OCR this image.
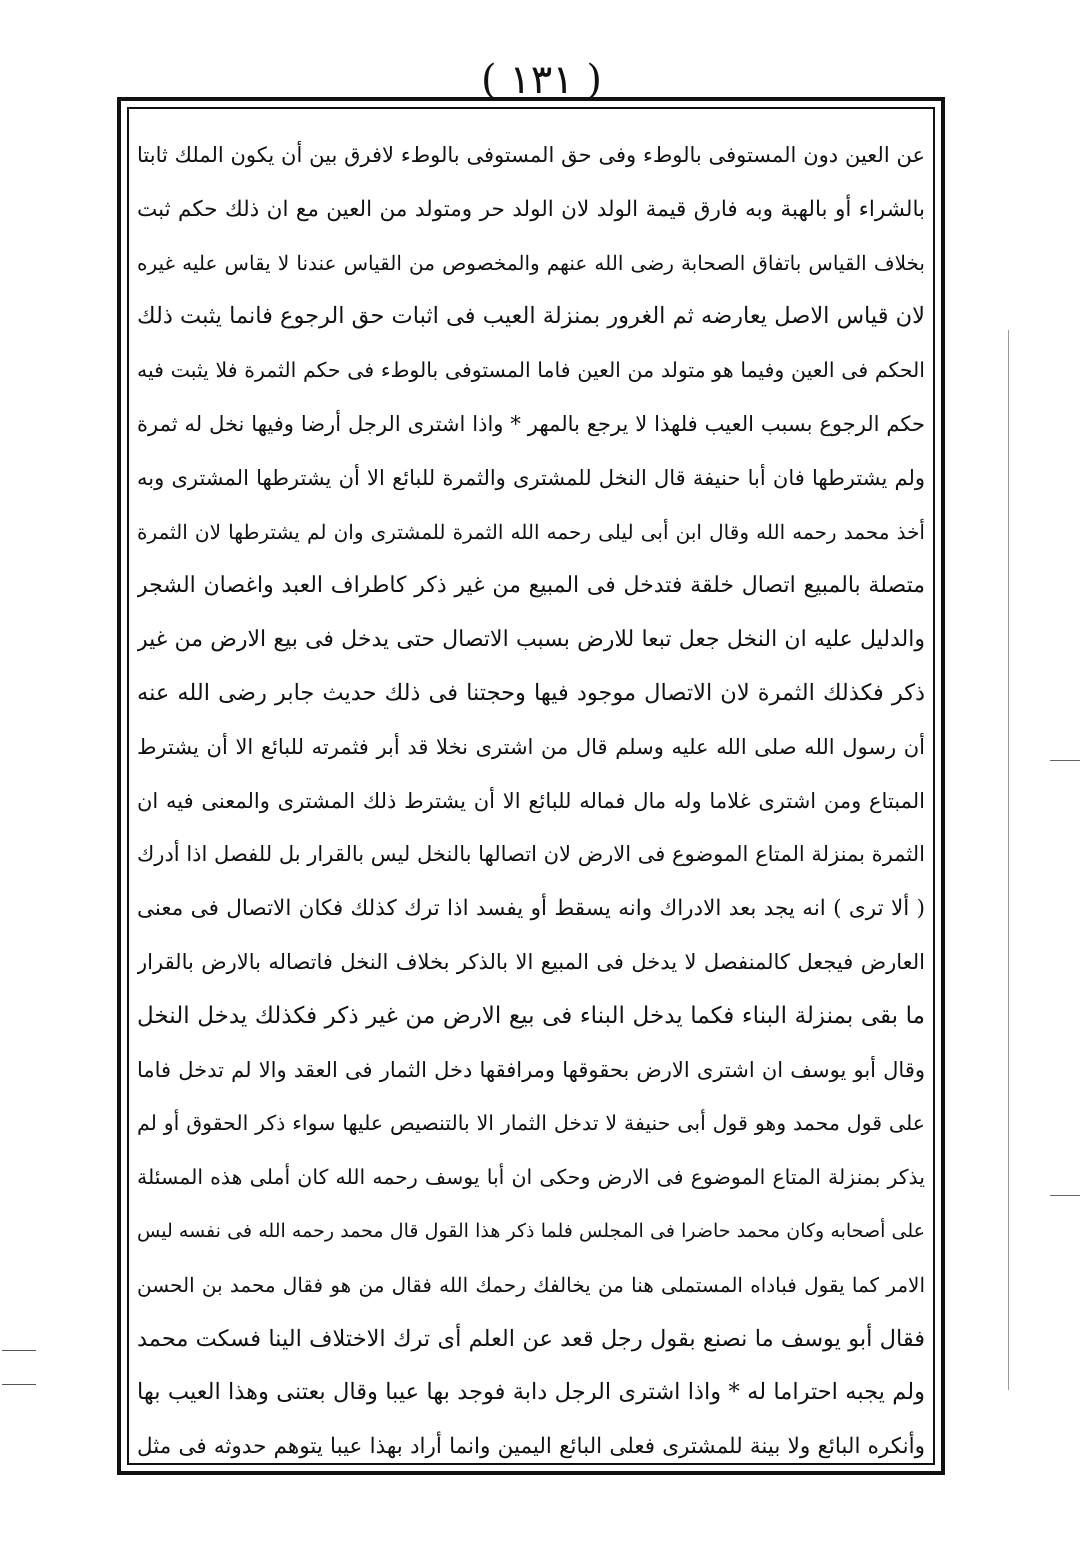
( ١٣١ )
عن العين دون المستوفى بالوطء وفى حق المستوفى بالوطء لافرق بين أن يكون الملك ثابتا
بالشراء أو بالهبة وبه فارق قيمة الولد لان الولد حر ومتولد من العين مع ان ذلك حكم ثبت
بخلاف القياس باتفاق الصحابة رضى الله عنهم والمخصوص من القياس عندنا لا يقاس عليه غيره
لان قياس الاصل يعارضه ثم الغرور بمنزلة العيب فى اثبات حق الرجوع فانما يثبت ذلك
الحكم فى العين وفيما هو متولد من العين فاما المستوفى بالوطء فى حكم الثمرة فلا يثبت فيه
حكم الرجوع بسبب العيب فلهذا لا يرجع بالمهر * واذا اشترى الرجل أرضا وفيها نخل له ثمرة
ولم يشترطها فان أبا حنيفة قال النخل للمشترى والثمرة للبائع الا أن يشترطها المشترى وبه
أخذ محمد رحمه الله وقال ابن أبى ليلى رحمه الله الثمرة للمشترى وان لم يشترطها لان الثمرة
متصلة بالمبيع اتصال خلقة فتدخل فى المبيع من غير ذكر كاطراف العبد واغصان الشجر
والدليل عليه ان النخل جعل تبعا للارض بسبب الاتصال حتى يدخل فى بيع الارض من غير
ذكر فكذلك الثمرة لان الاتصال موجود فيها وحجتنا فى ذلك حديث جابر رضى الله عنه
أن رسول الله صلى الله عليه وسلم قال من اشترى نخلا قد أبر فثمرته للبائع الا أن يشترط
المبتاع ومن اشترى غلاما وله مال فماله للبائع الا أن يشترط ذلك المشترى والمعنى فيه ان
الثمرة بمنزلة المتاع الموضوع فى الارض لان اتصالها بالنخل ليس بالقرار بل للفصل اذا أدرك
( ألا ترى ) انه يجد بعد الادراك وانه يسقط أو يفسد اذا ترك كذلك فكان الاتصال فى معنى
العارض فيجعل كالمنفصل لا يدخل فى المبيع الا بالذكر بخلاف النخل فاتصاله بالارض بالقرار
ما بقى بمنزلة البناء فكما يدخل البناء فى بيع الارض من غير ذكر فكذلك يدخل النخل
وقال أبو يوسف ان اشترى الارض بحقوقها ومرافقها دخل الثمار فى العقد والا لم تدخل فاما
على قول محمد وهو قول أبى حنيفة لا تدخل الثمار الا بالتنصيص عليها سواء ذكر الحقوق أو لم
يذكر بمنزلة المتاع الموضوع فى الارض وحكى ان أبا يوسف رحمه الله كان أملى هذه المسئلة
على أصحابه وكان محمد حاضرا فى المجلس فلما ذكر هذا القول قال محمد رحمه الله فى نفسه ليس
الامر كما يقول فباداه المستملى هنا من يخالفك رحمك الله فقال من هو فقال محمد بن الحسن
فقال أبو يوسف ما نصنع بقول رجل قعد عن العلم أى ترك الاختلاف الينا فسكت محمد
ولم يجبه احتراما له * واذا اشترى الرجل دابة فوجد بها عيبا وقال بعتنى وهذا العيب بها
وأنكره البائع ولا بينة للمشترى فعلى البائع اليمين وانما أراد بهذا عيبا يتوهم حدوثه فى مثل
